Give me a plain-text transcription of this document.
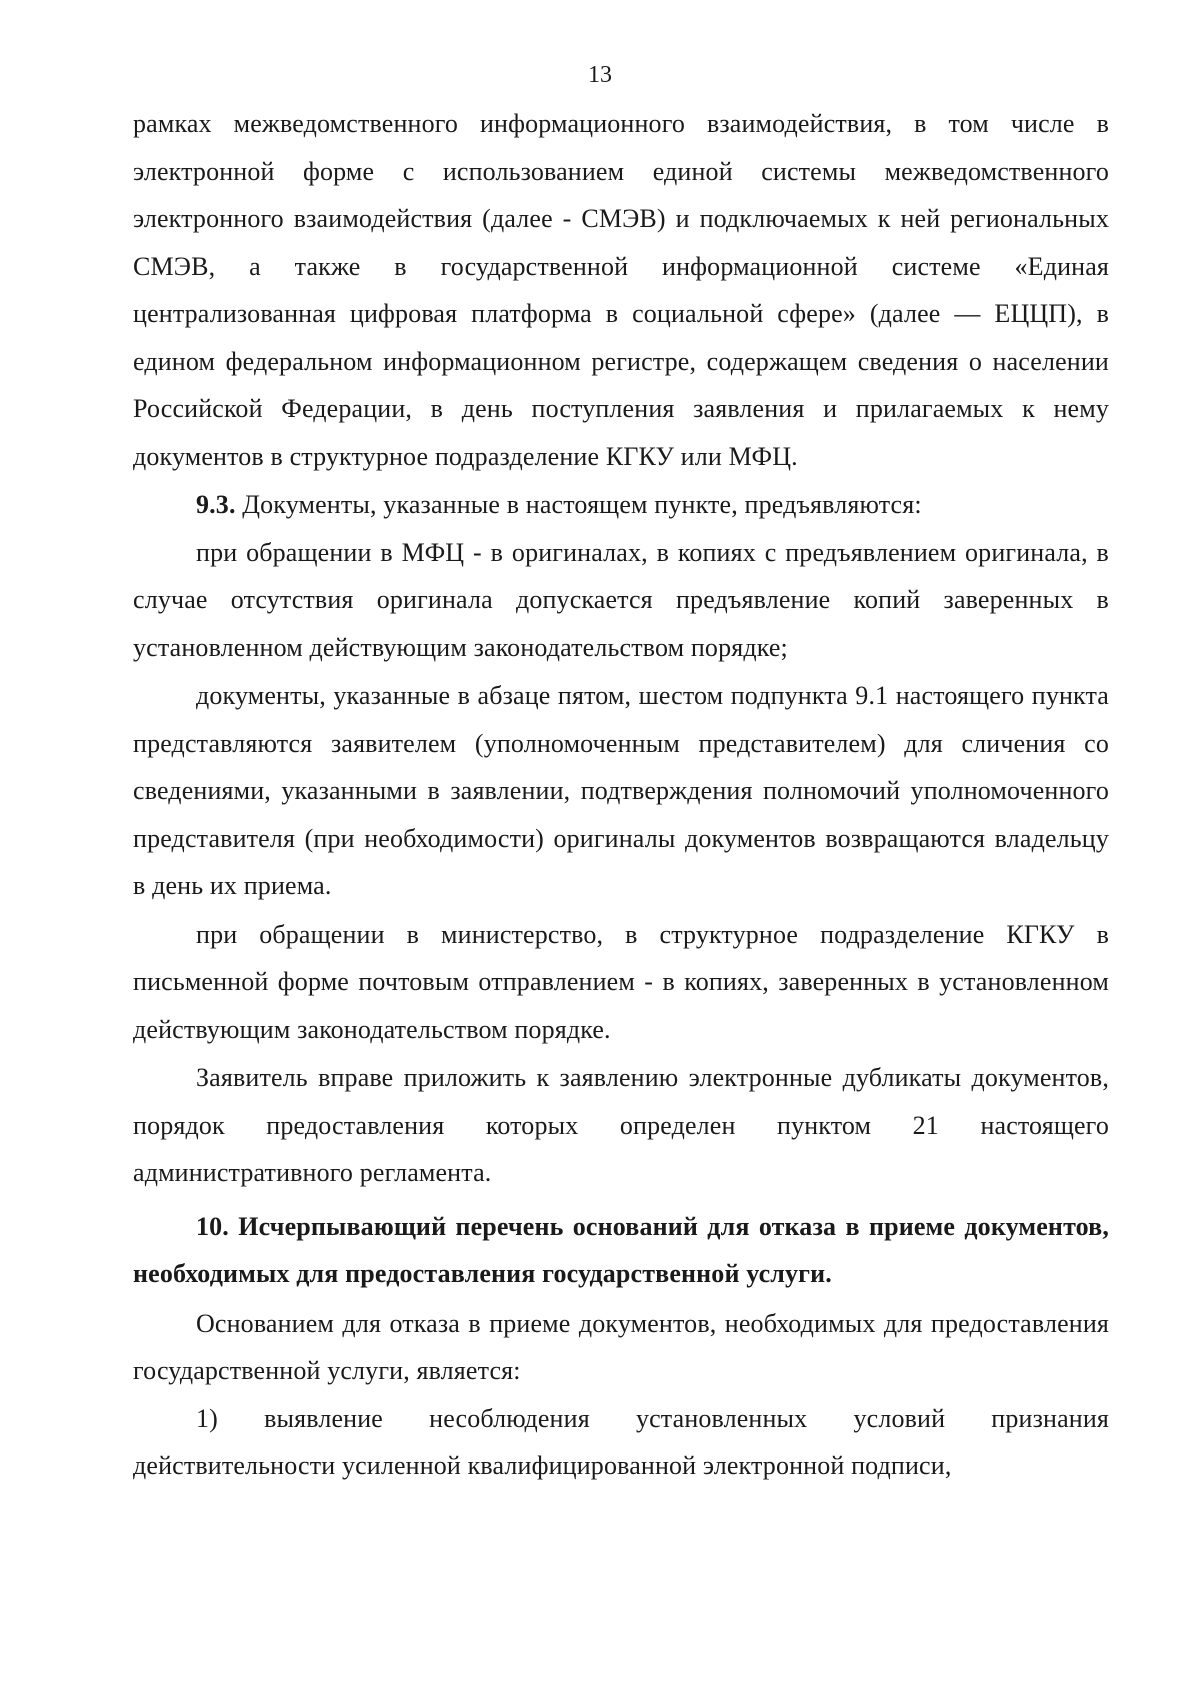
13

рамках межведомственного информационного взаимодействия, в том числе в электронной форме с использованием единой системы межведомственного электронного взаимодействия (далее - СМЭВ) и подключаемых к ней региональных СМЭВ, а также в государственной информационной системе «Единая централизованная цифровая платформа в социальной сфере» (далее — ЕЦЦП), в едином федеральном информационном регистре, содержащем сведения о населении Российской Федерации, в день поступления заявления и прилагаемых к нему документов в структурное подразделение КГКУ или МФЦ.

9.3. Документы, указанные в настоящем пункте, предъявляются:

при обращении в МФЦ - в оригиналах, в копиях с предъявлением оригинала, в случае отсутствия оригинала допускается предъявление копий заверенных в установленном действующим законодательством порядке;

документы, указанные в абзаце пятом, шестом подпункта 9.1 настоящего пункта представляются заявителем (уполномоченным представителем) для сличения со сведениями, указанными в заявлении, подтверждения полномочий уполномоченного представителя (при необходимости) оригиналы документов возвращаются владельцу в день их приема.

при обращении в министерство, в структурное подразделение КГКУ в письменной форме почтовым отправлением - в копиях, заверенных в установленном действующим законодательством порядке.

Заявитель вправе приложить к заявлению электронные дубликаты документов, порядок предоставления которых определен пунктом 21 настоящего административного регламента.

10. Исчерпывающий перечень оснований для отказа в приеме документов, необходимых для предоставления государственной услуги.

Основанием для отказа в приеме документов, необходимых для предоставления государственной услуги, является:

1) выявление несоблюдения установленных условий признания действительности усиленной квалифицированной электронной подписи,
